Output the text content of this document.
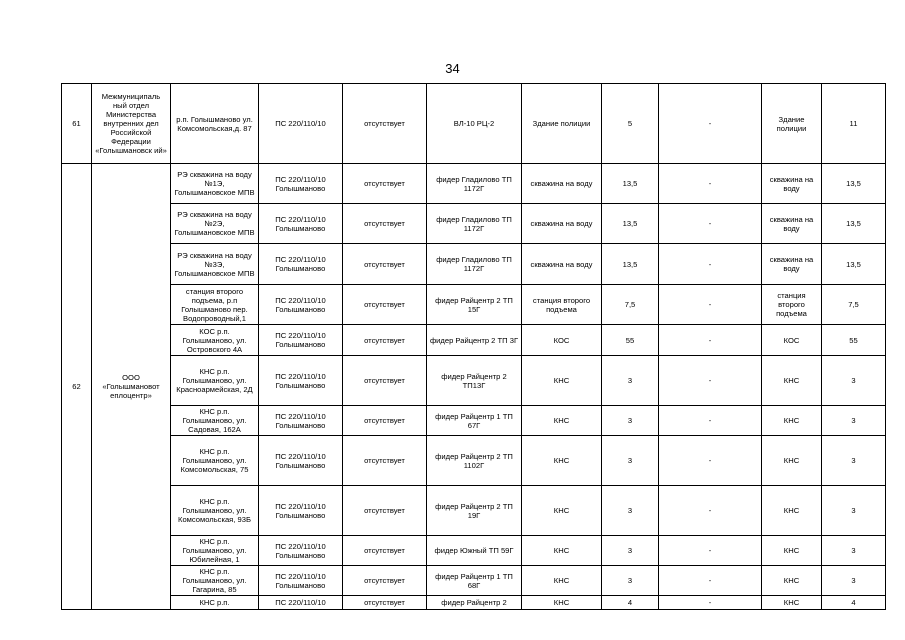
34
61	Межмуниципаль ный отдел Министерства внутренних дел Российской Федерации «Голышмановск ий»	р.п. Голышманово ул. Комсомольская,д. 87	ПС 220/110/10	отсутствует	ВЛ-10 РЦ-2	Здание полиции	5	-	Здание полиции	11
62	ООО «Голышмановот еплоцентр»	РЭ скважина на воду №1Э, Голышмановское МПВ	ПС 220/110/10 Голышманово	отсутствует	фидер Гладилово ТП 1172Г	скважина на воду	13,5	-	скважина на воду	13,5
		РЭ скважина на воду №2Э, Голышмановское МПВ	ПС 220/110/10 Голышманово	отсутствует	фидер Гладилово ТП 1172Г	скважина на воду	13,5	-	скважина на воду	13,5
		РЭ скважина на воду №3Э, Голышмановское МПВ	ПС 220/110/10 Голышманово	отсутствует	фидер Гладилово ТП 1172Г	скважина на воду	13,5	-	скважина на воду	13,5
		станция второго подъема, р.п Голышманово пер. Водопроводный,1	ПС 220/110/10 Голышманово	отсутствует	фидер Райцентр 2 ТП 15Г	станция второго подъема	7,5	-	станция второго подъема	7,5
		КОС р.п. Голышманово, ул. Островского 4А	ПС 220/110/10 Голышманово	отсутствует	фидер Райцентр 2 ТП 3Г	КОС	55	-	КОС	55
		КНС р.п. Голышманово, ул. Красноармейская, 2Д	ПС 220/110/10 Голышманово	отсутствует	фидер Райцентр 2 ТП13Г	КНС	3	-	КНС	3
		КНС р.п. Голышманово, ул. Садовая, 162А	ПС 220/110/10 Голышманово	отсутствует	фидер Райцентр 1 ТП 67Г	КНС	3	-	КНС	3
		КНС р.п. Голышманово, ул. Комсомольская, 75	ПС 220/110/10 Голышманово	отсутствует	фидер Райцентр 2 ТП 1102Г	КНС	3	-	КНС	3
		КНС р.п. Голышманово, ул. Комсомольская, 93Б	ПС 220/110/10 Голышманово	отсутствует	фидер Райцентр 2 ТП 19Г	КНС	3	-	КНС	3
		КНС р.п. Голышманово, ул. Юбилейная, 1	ПС 220/110/10 Голышманово	отсутствует	фидер Южный ТП 59Г	КНС	3	-	КНС	3
		КНС р.п. Голышманово, ул. Гагарина, 85	ПС 220/110/10 Голышманово	отсутствует	фидер Райцентр 1 ТП 68Г	КНС	3	-	КНС	3
		КНС р.п.	ПС 220/110/10	отсутствует	фидер Райцентр 2	КНС	4	-	КНС	4
